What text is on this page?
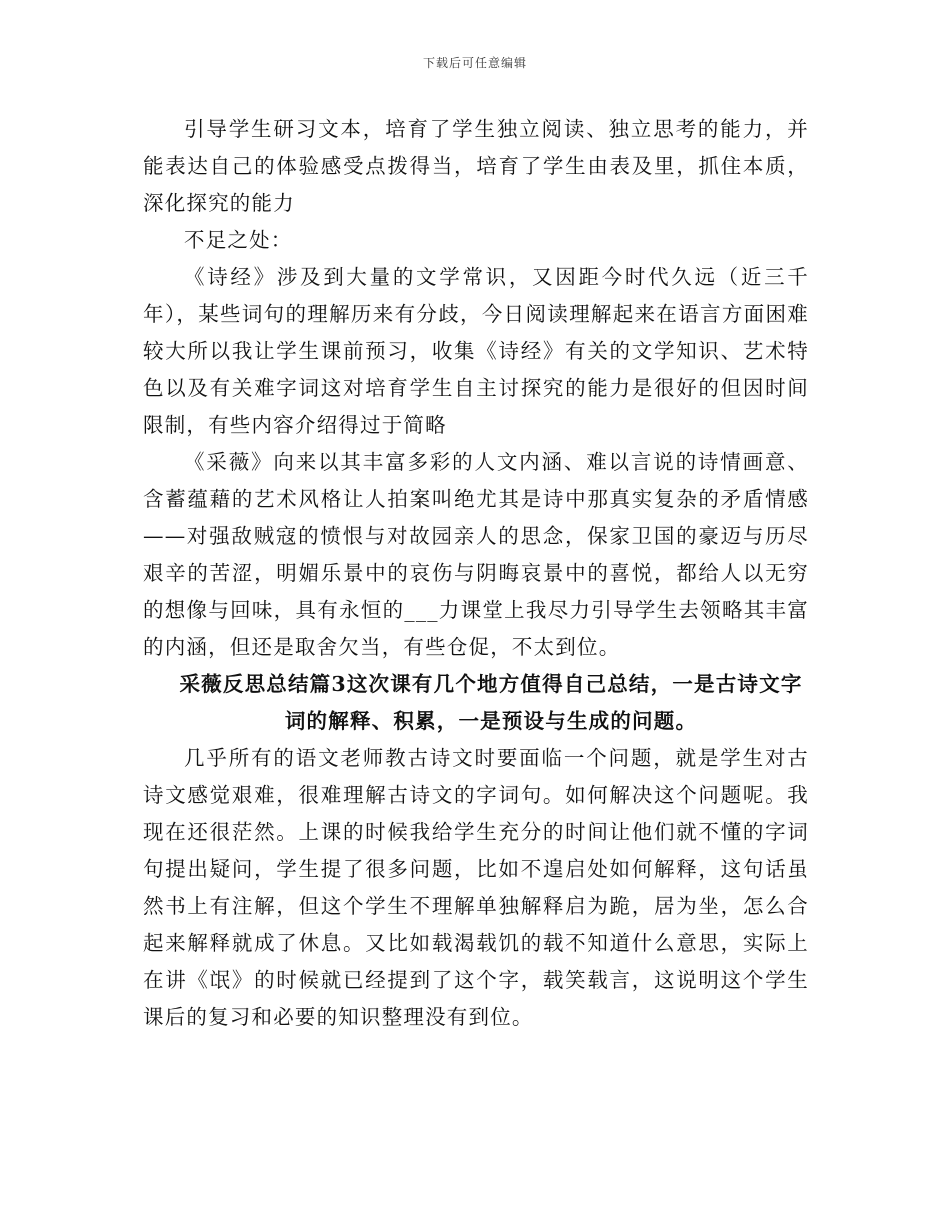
下载后可任意编辑

引导学生研习文本，培育了学生独立阅读、独立思考的能力，并能表达自己的体验感受点拨得当，培育了学生由表及里，抓住本质，深化探究的能力

不足之处：

《诗经》涉及到大量的文学常识，又因距今时代久远（近三千年），某些词句的理解历来有分歧，今日阅读理解起来在语言方面困难较大所以我让学生课前预习，收集《诗经》有关的文学知识、艺术特色以及有关难字词这对培育学生自主讨探究的能力是很好的但因时间限制，有些内容介绍得过于简略

《采薇》向来以其丰富多彩的人文内涵、难以言说的诗情画意、含蓄蕴藉的艺术风格让人拍案叫绝尤其是诗中那真实复杂的矛盾情感——对强敌贼寇的愤恨与对故园亲人的思念，保家卫国的豪迈与历尽艰辛的苦涩，明媚乐景中的哀伤与阴晦哀景中的喜悦，都给人以无穷的想像与回味，具有永恒的___力课堂上我尽力引导学生去领略其丰富的内涵，但还是取舍欠当，有些仓促，不太到位。

采薇反思总结篇3这次课有几个地方值得自己总结，一是古诗文字词的解释、积累，一是预设与生成的问题。

几乎所有的语文老师教古诗文时要面临一个问题，就是学生对古诗文感觉艰难，很难理解古诗文的字词句。如何解决这个问题呢。我现在还很茫然。上课的时候我给学生充分的时间让他们就不懂的字词句提出疑问，学生提了很多问题，比如不遑启处如何解释，这句话虽然书上有注解，但这个学生不理解单独解释启为跪，居为坐，怎么合起来解释就成了休息。又比如载渴载饥的载不知道什么意思，实际上在讲《氓》的时候就已经提到了这个字，载笑载言，这说明这个学生课后的复习和必要的知识整理没有到位。
